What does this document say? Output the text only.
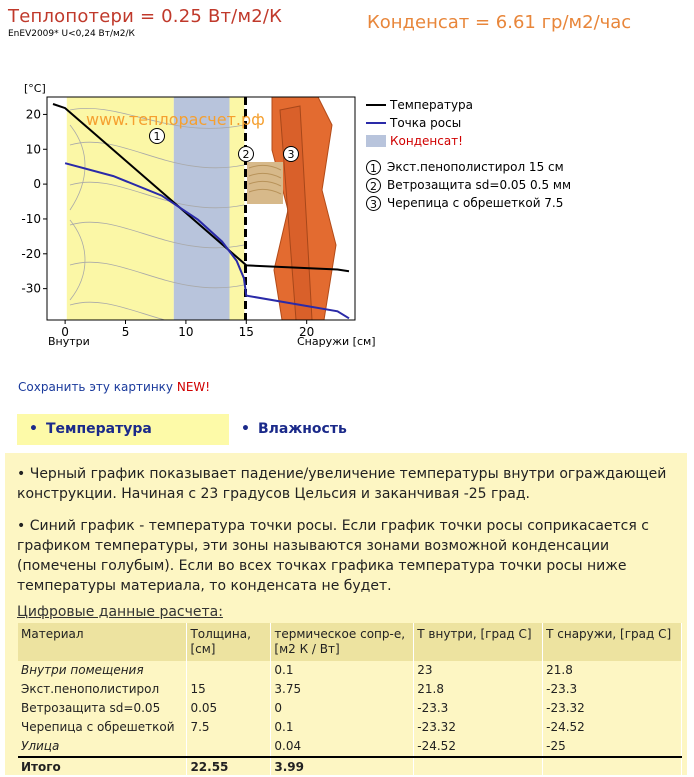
Теплопотери = 0.25 Вт/м2/К
EnEV2009* U<0,24 Вт/м2/К
Конденсат = 6.61 гр/м2/час
www.теплорасчет.рф
1
2	3
[°C]
20
10
0
-10
-20
-30
0	5	10	15	20
Внутри	Снаружи [см]
Температура
Точка росы
Конденсат!
1 Экст.пенополистирол 15 см
2 Ветрозащита sd=0.05 0.5 мм
3 Черепица с обрешеткой 7.5
Сохранить эту картинку NEW!
• Температура	• Влажность
• Черный график показывает падение/увеличение температуры внутри ограждающей конструкции. Начиная с 23 градусов Цельсия и заканчивая -25 град.
• Синий график - температура точки росы. Если график точки росы соприкасается с графиком температуры, эти зоны называются зонами возможной конденсации (помечены голубым). Если во всех точках графика температура точки росы ниже температуры материала, то конденсата не будет.
Цифровые данные расчета:
Материал	Толщина, [см]	термическое сопр-е, [м2 К / Вт]	T внутри, [град С]	T снаружи, [град С]
Внутри помещения		0.1	23	21.8
Экст.пенополистирол	15	3.75	21.8	-23.3
Ветрозащита sd=0.05	0.05	0	-23.3	-23.32
Черепица с обрешеткой	7.5	0.1	-23.32	-24.52
Улица		0.04	-24.52	-25
Итого	22.55	3.99		
